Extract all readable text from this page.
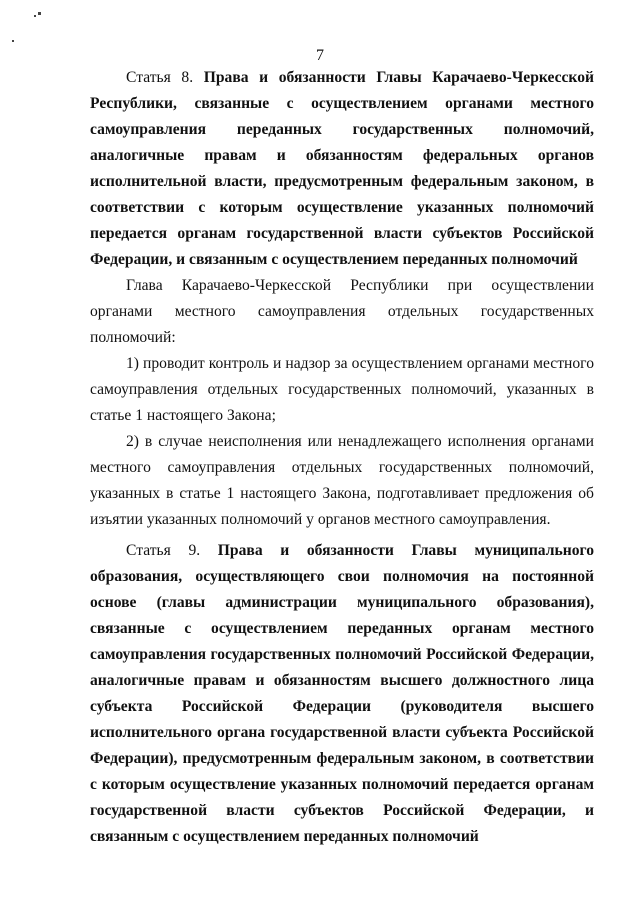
7

Статья 8. Права и обязанности Главы Карачаево-Черкесской Республики, связанные с осуществлением органами местного самоуправления переданных государственных полномочий, аналогичные правам и обязанностям федеральных органов исполнительной власти, предусмотренным федеральным законом, в соответствии с которым осуществление указанных полномочий передается органам государственной власти субъектов Российской Федерации, и связанным с осуществлением переданных полномочий

Глава Карачаево-Черкесской Республики при осуществлении органами местного самоуправления отдельных государственных полномочий:

1) проводит контроль и надзор за осуществлением органами местного самоуправления отдельных государственных полномочий, указанных в статье 1 настоящего Закона;

2) в случае неисполнения или ненадлежащего исполнения органами местного самоуправления отдельных государственных полномочий, указанных в статье 1 настоящего Закона, подготавливает предложения об изъятии указанных полномочий у органов местного самоуправления.

Статья 9. Права и обязанности Главы муниципального образования, осуществляющего свои полномочия на постоянной основе (главы администрации муниципального образования), связанные с осуществлением переданных органам местного самоуправления государственных полномочий Российской Федерации, аналогичные правам и обязанностям высшего должностного лица субъекта Российской Федерации (руководителя высшего исполнительного органа государственной власти субъекта Российской Федерации), предусмотренным федеральным законом, в соответствии с которым осуществление указанных полномочий передается органам государственной власти субъектов Российской Федерации, и связанным с осуществлением переданных полномочий
